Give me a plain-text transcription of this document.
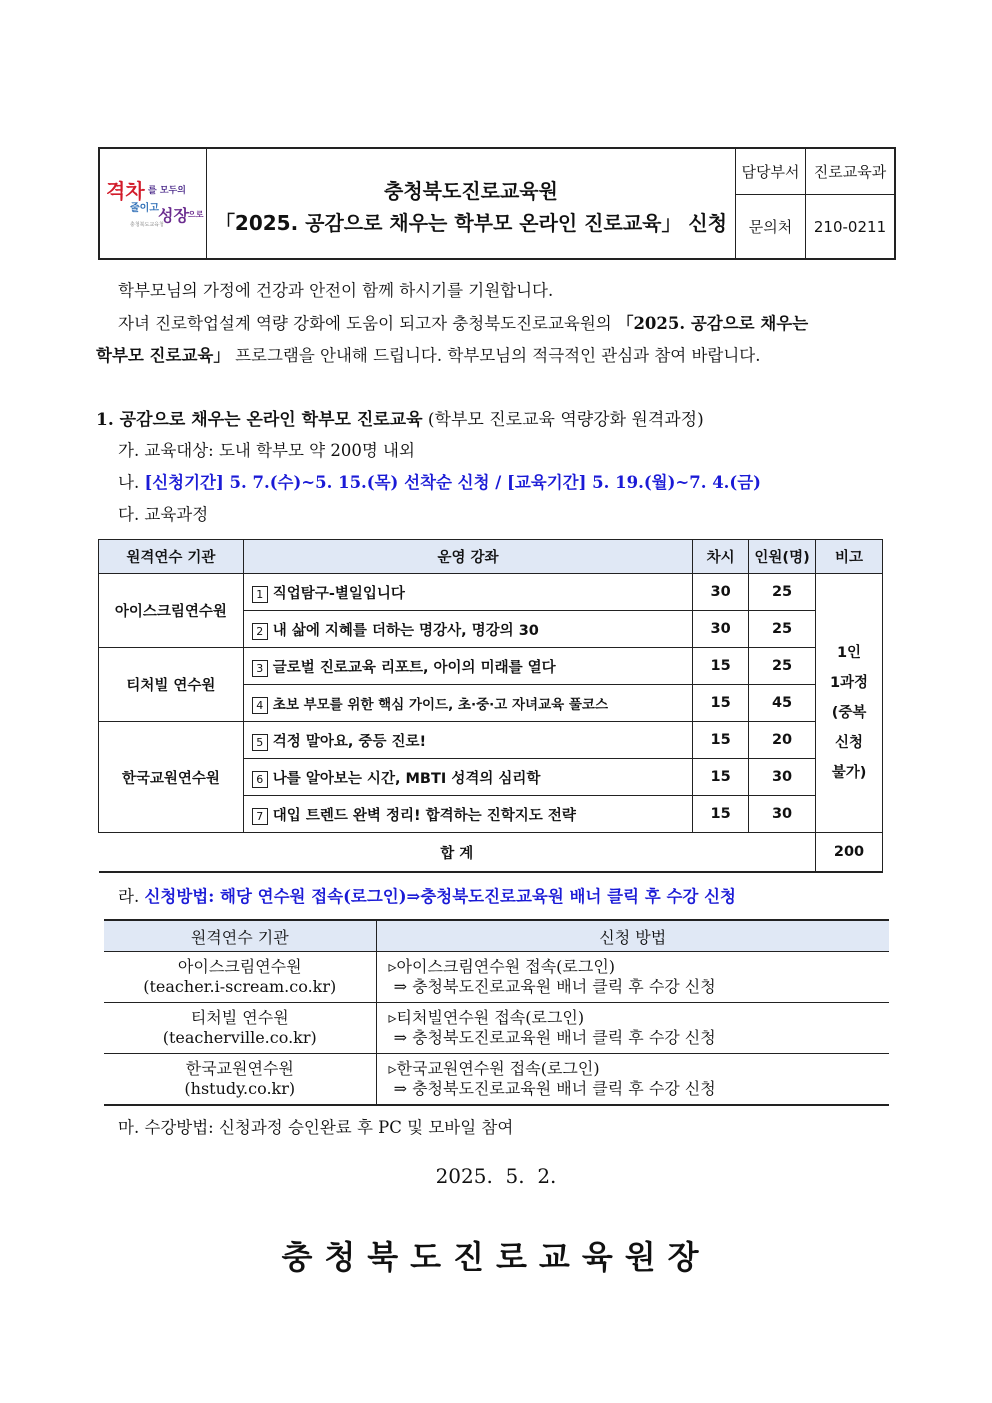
격차 를 모두의
줄이고 성장 으로
충청북도교육청
충청북도진로교육원
「2025. 공감으로 채우는 학부모 온라인 진로교육」 신청
담당부서 진로교육과
문의처	210-0211
학부모님의 가정에 건강과 안전이 함께 하시기를 기원합니다.
자녀 진로학업설계 역량 강화에 도움이 되고자 충청북도진로교육원의 「2025. 공감으로 채우는
학부모 진로교육」 프로그램을 안내해 드립니다. 학부모님의 적극적인 관심과 참여 바랍니다.
1. 공감으로 채우는 온라인 학부모 진로교육 (학부모 진로교육 역량강화 원격과정)
가. 교육대상: 도내 학부모 약 200명 내외
나. [신청기간] 5. 7.(수)~5. 15.(목) 선착순 신청 / [교육기간] 5. 19.(월)~7. 4.(금)
다. 교육과정
원격연수 기관	운영 강좌	차시	인원(명)	비고
아이스크림연수원	1 직업탐구-별일입니다	30	25	1인
1과정
(중복
신청
불가)
	2 내 삶에 지혜를 더하는 명강사, 명강의 30	30	25	
티처빌 연수원	3 글로벌 진로교육 리포트, 아이의 미래를 열다	15	25	
	4 초보 부모를 위한 핵심 가이드, 초·중·고 자녀교육 풀코스	15	45	
한국교원연수원	5 걱정 말아요, 중등 진로!	15	20	
	6 나를 알아보는 시간, MBTI 성격의 심리학	15	30	
	7 대입 트렌드 완벽 정리! 합격하는 진학지도 전략	15	30	
합 계				200
라. 신청방법: 해당 연수원 접속(로그인)⇒충청북도진로교육원 배너 클릭 후 수강 신청
원격연수 기관	신청 방법
아이스크림연수원
(teacher.i-scream.co.kr)	▹아이스크림연수원 접속(로그인)
⇒ 충청북도진로교육원 배너 클릭 후 수강 신청
티처빌 연수원
(teacherville.co.kr)	▹티처빌연수원 접속(로그인)
⇒ 충청북도진로교육원 배너 클릭 후 수강 신청
한국교원연수원
(hstudy.co.kr)	▹한국교원연수원 접속(로그인)
⇒ 충청북도진로교육원 배너 클릭 후 수강 신청
마. 수강방법: 신청과정 승인완료 후 PC 및 모바일 참여
2025.  5.  2.
충청북도진로교육원장
